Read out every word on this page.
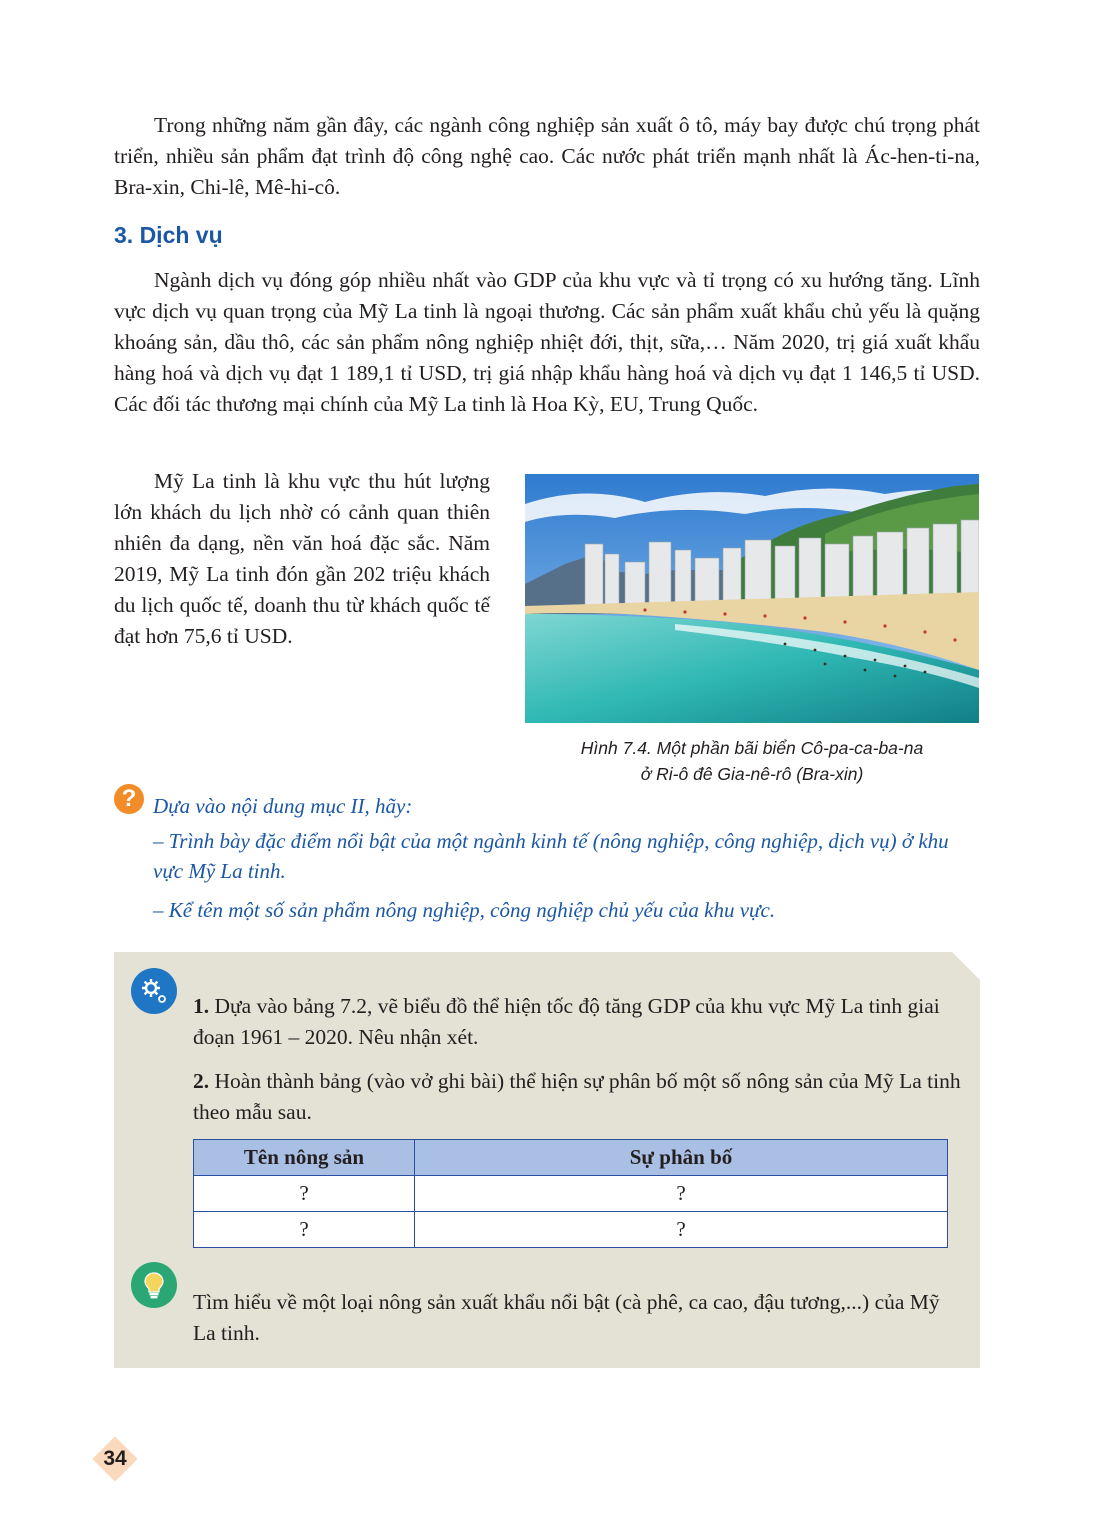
Trong những năm gần đây, các ngành công nghiệp sản xuất ô tô, máy bay được chú trọng phát triển, nhiều sản phẩm đạt trình độ công nghệ cao. Các nước phát triển mạnh nhất là Ác-hen-ti-na, Bra-xin, Chi-lê, Mê-hi-cô.

3. Dịch vụ

Ngành dịch vụ đóng góp nhiều nhất vào GDP của khu vực và tỉ trọng có xu hướng tăng. Lĩnh vực dịch vụ quan trọng của Mỹ La tinh là ngoại thương. Các sản phẩm xuất khẩu chủ yếu là quặng khoáng sản, dầu thô, các sản phẩm nông nghiệp nhiệt đới, thịt, sữa,… Năm 2020, trị giá xuất khẩu hàng hoá và dịch vụ đạt 1 189,1 tỉ USD, trị giá nhập khẩu hàng hoá và dịch vụ đạt 1 146,5 tỉ USD. Các đối tác thương mại chính của Mỹ La tinh là Hoa Kỳ, EU, Trung Quốc.

Mỹ La tinh là khu vực thu hút lượng lớn khách du lịch nhờ có cảnh quan thiên nhiên đa dạng, nền văn hoá đặc sắc. Năm 2019, Mỹ La tinh đón gần 202 triệu khách du lịch quốc tế, doanh thu từ khách quốc tế đạt hơn 75,6 tỉ USD.

Hình 7.4. Một phần bãi biển Cô-pa-ca-ba-na
ở Ri-ô đê Gia-nê-rô (Bra-xin)

? Dựa vào nội dung mục II, hãy:

– Trình bày đặc điểm nổi bật của một ngành kinh tế (nông nghiệp, công nghiệp, dịch vụ) ở khu vực Mỹ La tinh.

– Kể tên một số sản phẩm nông nghiệp, công nghiệp chủ yếu của khu vực.

1. Dựa vào bảng 7.2, vẽ biểu đồ thể hiện tốc độ tăng GDP của khu vực Mỹ La tinh giai đoạn 1961 – 2020. Nêu nhận xét.

2. Hoàn thành bảng (vào vở ghi bài) thể hiện sự phân bố một số nông sản của Mỹ La tinh theo mẫu sau.

Tên nông sản	Sự phân bố
?	?
?	?

Tìm hiểu về một loại nông sản xuất khẩu nổi bật (cà phê, ca cao, đậu tương,...) của Mỹ La tinh.

34
